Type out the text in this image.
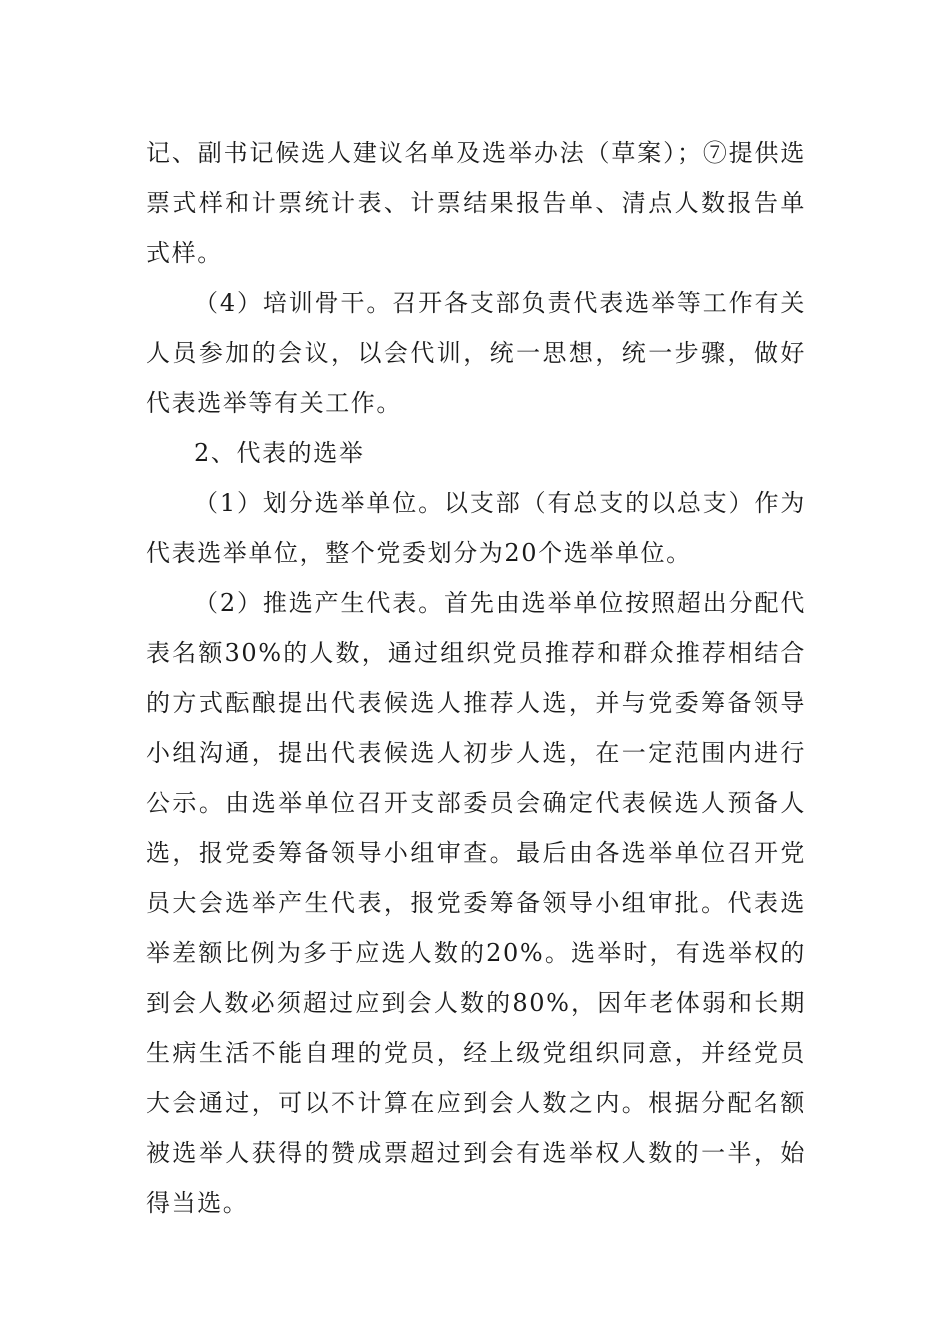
记、副书记候选人建议名单及选举办法（草案）；⑦提供选票式样和计票统计表、计票结果报告单、清点人数报告单式样。

（4）培训骨干。召开各支部负责代表选举等工作有关人员参加的会议，以会代训，统一思想，统一步骤，做好代表选举等有关工作。

2、代表的选举

（1）划分选举单位。以支部（有总支的以总支）作为代表选举单位，整个党委划分为20个选举单位。

（2）推选产生代表。首先由选举单位按照超出分配代表名额30%的人数，通过组织党员推荐和群众推荐相结合的方式酝酿提出代表候选人推荐人选，并与党委筹备领导小组沟通，提出代表候选人初步人选，在一定范围内进行公示。由选举单位召开支部委员会确定代表候选人预备人选，报党委筹备领导小组审查。最后由各选举单位召开党员大会选举产生代表，报党委筹备领导小组审批。代表选举差额比例为多于应选人数的20%。选举时，有选举权的到会人数必须超过应到会人数的80%，因年老体弱和长期生病生活不能自理的党员，经上级党组织同意，并经党员大会通过，可以不计算在应到会人数之内。根据分配名额被选举人获得的赞成票超过到会有选举权人数的一半，始得当选。
